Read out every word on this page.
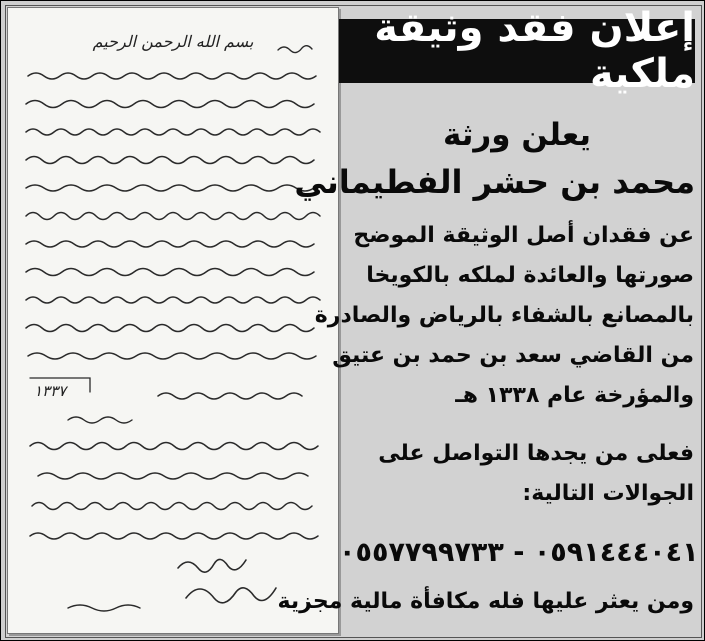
بسم الله الرحمن الرحيم
١٣٣٧
إعلان فقد وثيقة ملكية
يعلن ورثة
محمد بن حشر الفطيماني
عن فقدان أصل الوثيقة الموضح
صورتها والعائدة لملكه بالكويخا
بالمصانع بالشفاء بالرياض والصادرة
من القاضي سعد بن حمد بن عتيق
والمؤرخة عام ١٣٣٨ هـ
فعلى من يجدها التواصل على
الجوالات التالية:
٠٥٩١٤٤٤٠٤١ - ٠٥٥٧٧٩٩٧٣٣
ومن يعثر عليها فله مكافأة مالية مجزية
